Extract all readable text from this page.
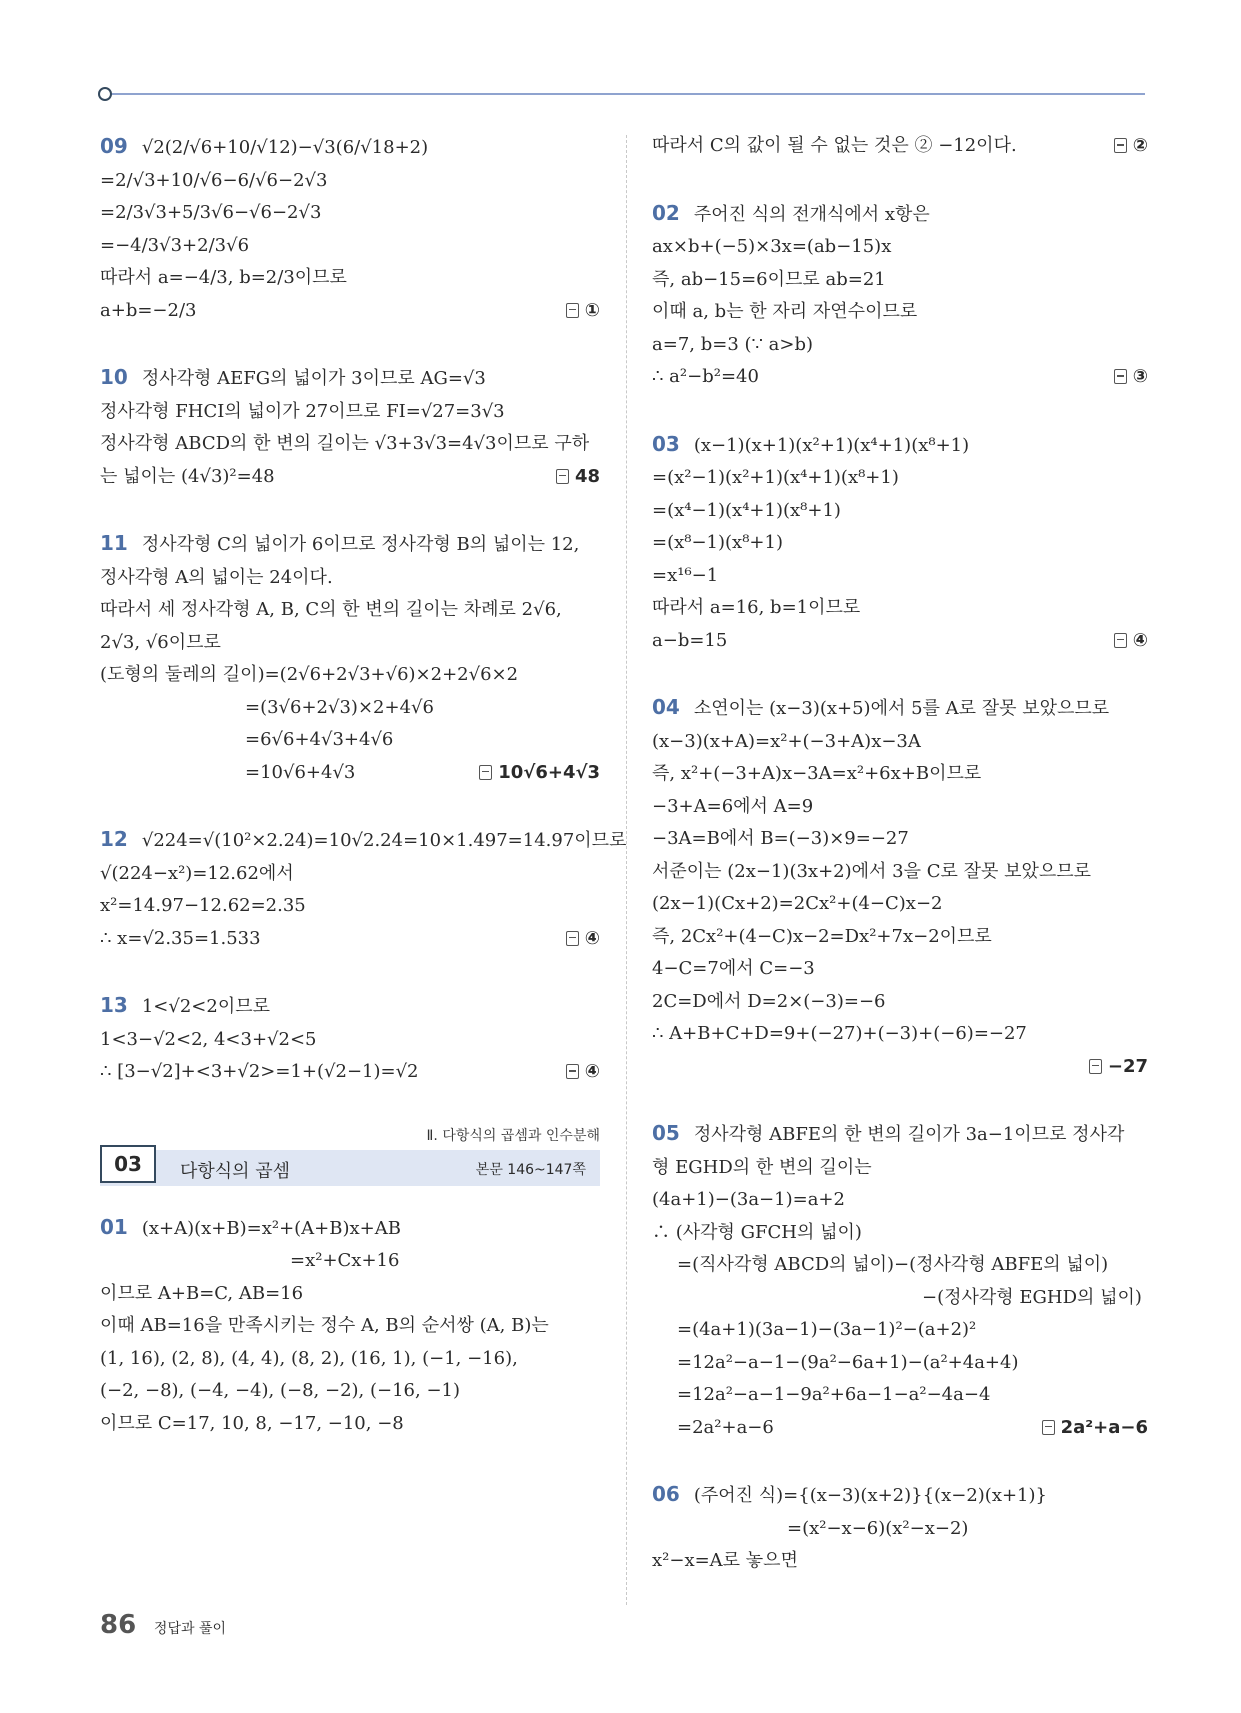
09 √2(2/√6+10/√12)−√3(6/√18+2)
=2/√3+10/√6−6/√6−2√3
=2/3√3+5/3√6−√6−2√3
=−4/3√3+2/3√6
따라서 a=−4/3, b=2/3이므로
a+b=−2/3	①
10 정사각형 AEFG의 넓이가 3이므로 AG=√3
정사각형 FHCI의 넓이가 27이므로 FI=√27=3√3
정사각형 ABCD의 한 변의 길이는 √3+3√3=4√3이므로 구하
는 넓이는 (4√3)²=48	48
11 정사각형 C의 넓이가 6이므로 정사각형 B의 넓이는 12,
정사각형 A의 넓이는 24이다.
따라서 세 정사각형 A, B, C의 한 변의 길이는 차례로 2√6,
2√3, √6이므로
(도형의 둘레의 길이)=(2√6+2√3+√6)×2+2√6×2
=(3√6+2√3)×2+4√6
=6√6+4√3+4√6
=10√6+4√3	10√6+4√3
12 √224=√(10²×2.24)=10√2.24=10×1.497=14.97이므로
√(224−x²)=12.62에서
x²=14.97−12.62=2.35
∴ x=√2.35=1.533	④
13 1<√2<2이므로
1<3−√2<2, 4<3+√2<5
∴ [3−√2]+<3+√2>=1+(√2−1)=√2	④
Ⅱ. 다항식의 곱셈과 인수분해
03	다항식의 곱셈	본문 146~147쪽
01 (x+A)(x+B)=x²+(A+B)x+AB
=x²+Cx+16
이므로 A+B=C, AB=16
이때 AB=16을 만족시키는 정수 A, B의 순서쌍 (A, B)는
(1, 16), (2, 8), (4, 4), (8, 2), (16, 1), (−1, −16),
(−2, −8), (−4, −4), (−8, −2), (−16, −1)
이므로 C=17, 10, 8, −17, −10, −8
따라서 C의 값이 될 수 없는 것은 ② −12이다.	②
02 주어진 식의 전개식에서 x항은
ax×b+(−5)×3x=(ab−15)x
즉, ab−15=6이므로 ab=21
이때 a, b는 한 자리 자연수이므로
a=7, b=3 (∵ a>b)
∴ a²−b²=40	③
03 (x−1)(x+1)(x²+1)(x⁴+1)(x⁸+1)
=(x²−1)(x²+1)(x⁴+1)(x⁸+1)
=(x⁴−1)(x⁴+1)(x⁸+1)
=(x⁸−1)(x⁸+1)
=x¹⁶−1
따라서 a=16, b=1이므로
a−b=15	④
04 소연이는 (x−3)(x+5)에서 5를 A로 잘못 보았으므로
(x−3)(x+A)=x²+(−3+A)x−3A
즉, x²+(−3+A)x−3A=x²+6x+B이므로
−3+A=6에서 A=9
−3A=B에서 B=(−3)×9=−27
서준이는 (2x−1)(3x+2)에서 3을 C로 잘못 보았으므로
(2x−1)(Cx+2)=2Cx²+(4−C)x−2
즉, 2Cx²+(4−C)x−2=Dx²+7x−2이므로
4−C=7에서 C=−3
2C=D에서 D=2×(−3)=−6
∴ A+B+C+D=9+(−27)+(−3)+(−6)=−27
−27
05 정사각형 ABFE의 한 변의 길이가 3a−1이므로 정사각
형 EGHD의 한 변의 길이는
(4a+1)−(3a−1)=a+2
∴ (사각형 GFCH의 넓이)
=(직사각형 ABCD의 넓이)−(정사각형 ABFE의 넓이)
−(정사각형 EGHD의 넓이)
=(4a+1)(3a−1)−(3a−1)²−(a+2)²
=12a²−a−1−(9a²−6a+1)−(a²+4a+4)
=12a²−a−1−9a²+6a−1−a²−4a−4
=2a²+a−6	2a²+a−6
06 (주어진 식)={(x−3)(x+2)}{(x−2)(x+1)}
=(x²−x−6)(x²−x−2)
x²−x=A로 놓으면
86 정답과 풀이
